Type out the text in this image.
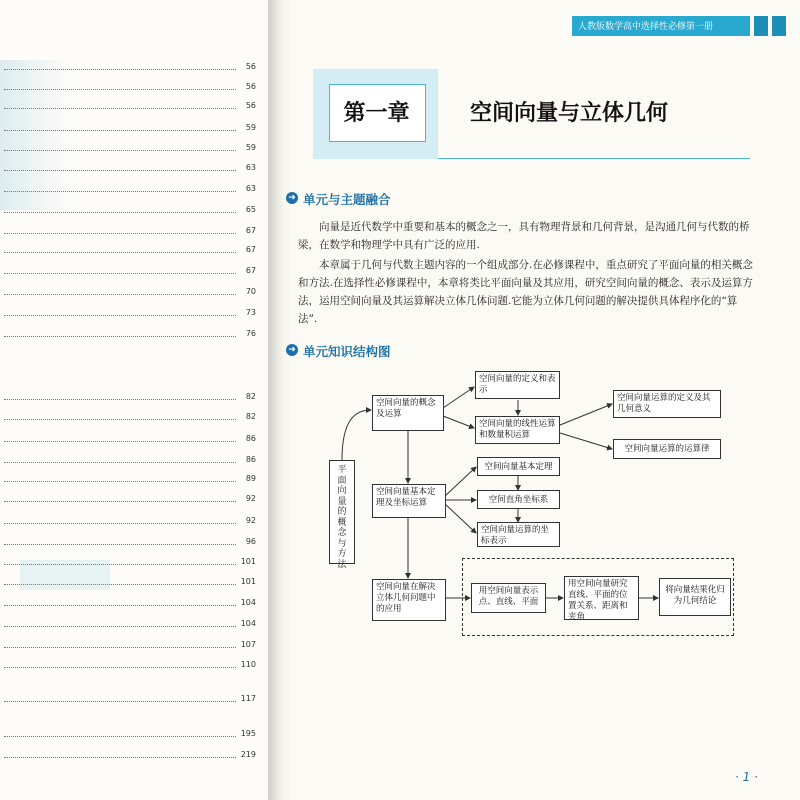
56
56
56
59
59
63
63
65
67
67
67
70
73
76
82
82
86
86
89
92
92
96
101
101
104
104
107
110
117
195
219
人教版数学高中选择性必修第一册
第一章	空间向量与立体几何
➜ 单元与主题融合
向量是近代数学中重要和基本的概念之一，具有物理背景和几何背景，是沟通几何与代数的桥梁，在数学和物理学中具有广泛的应用.
本章属于几何与代数主题内容的一个组成部分.在必修课程中，重点研究了平面向量的相关概念和方法.在选择性必修课程中，本章将类比平面向量及其应用，研究空间向量的概念、表示及运算方法，运用空间向量及其运算解决立体几体问题.它能为立体几何问题的解决提供具体程序化的“算法”.
➜ 单元知识结构图
平面向量的概念与方法
空间向量的概念及运算
空间向量的定义和表示
空间向量的线性运算和数量积运算
空间向量运算的定义及其几何意义
空间向量运算的运算律
空间向量基本定理及坐标运算
空间向量基本定理
空间直角坐标系
空间向量运算的坐标表示
空间向量在解决立体几何问题中的应用
用空间向量表示点、直线、平面
用空间向量研究直线、平面的位置关系、距离和夹角
将向量结果化归为几何结论
· 1 ·
